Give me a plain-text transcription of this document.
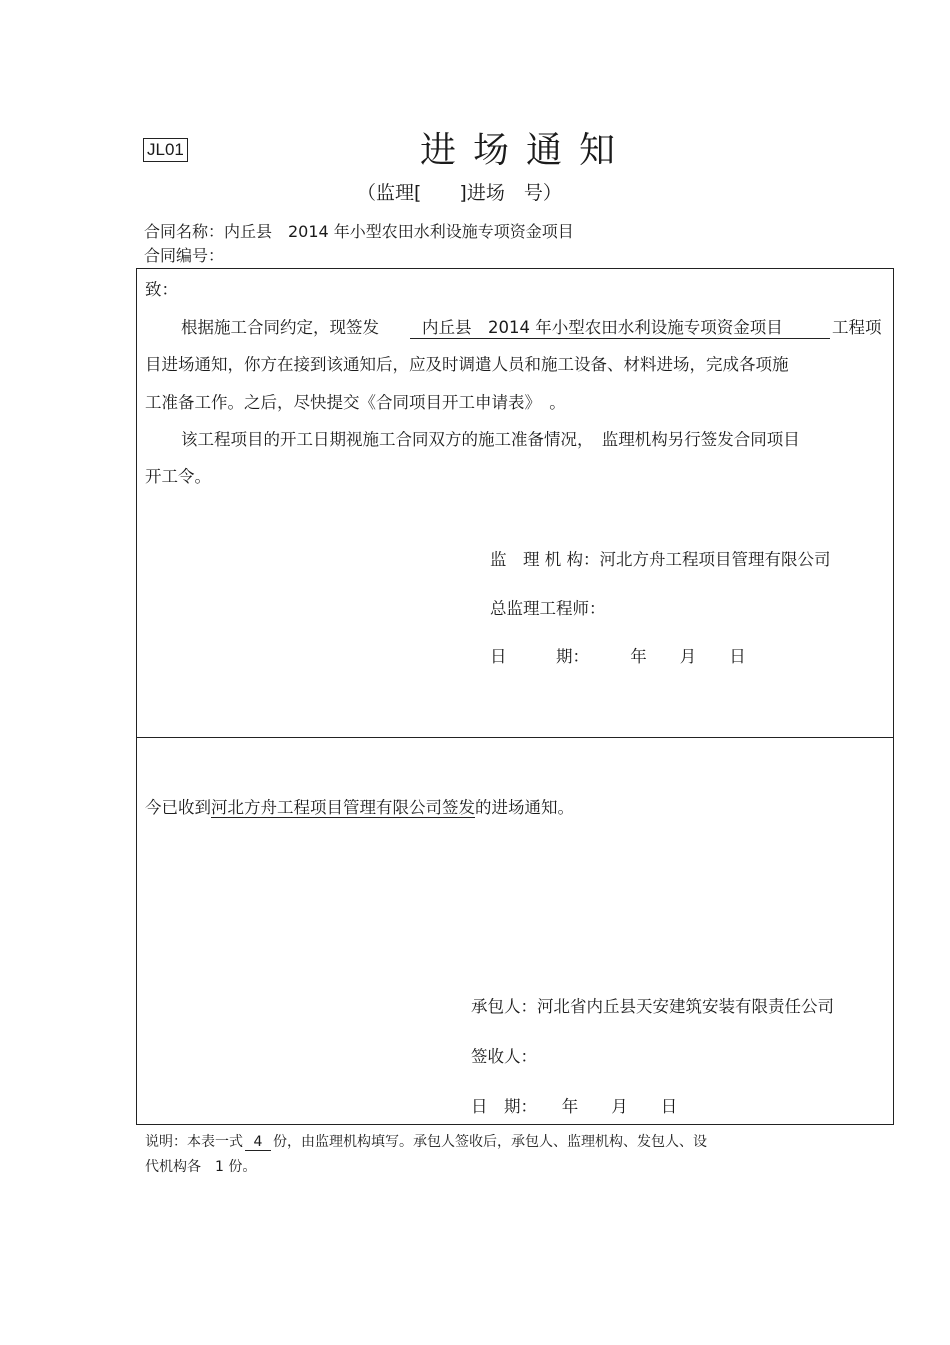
JL01	进场通知
（监理[　　]进场　号）
合同名称：内丘县　2014 年小型农田水利设施专项资金项目
合同编号：
致：
根据施工合同约定，现签发	内丘县　2014 年小型农田水利设施专项资金项目	工程项
目进场通知，你方在接到该通知后，应及时调遣人员和施工设备、材料进场，完成各项施
工准备工作。之后，尽快提交《合同项目开工申请表》　。
该工程项目的开工日期视施工合同双方的施工准备情况，　监理机构另行签发合同项目
开工令。
监　理 机 构：河北方舟工程项目管理有限公司
总监理工程师：
日　　　期：　　　年　　月　　日
今已收到河北方舟工程项目管理有限公司签发的进场通知。
承包人：河北省内丘县天安建筑安装有限责任公司
签收人：
日　期：　　年　　月　　日
说明：本表一式 4 份，由监理机构填写。承包人签收后，承包人、监理机构、发包人、设
代机构各　1 份。
